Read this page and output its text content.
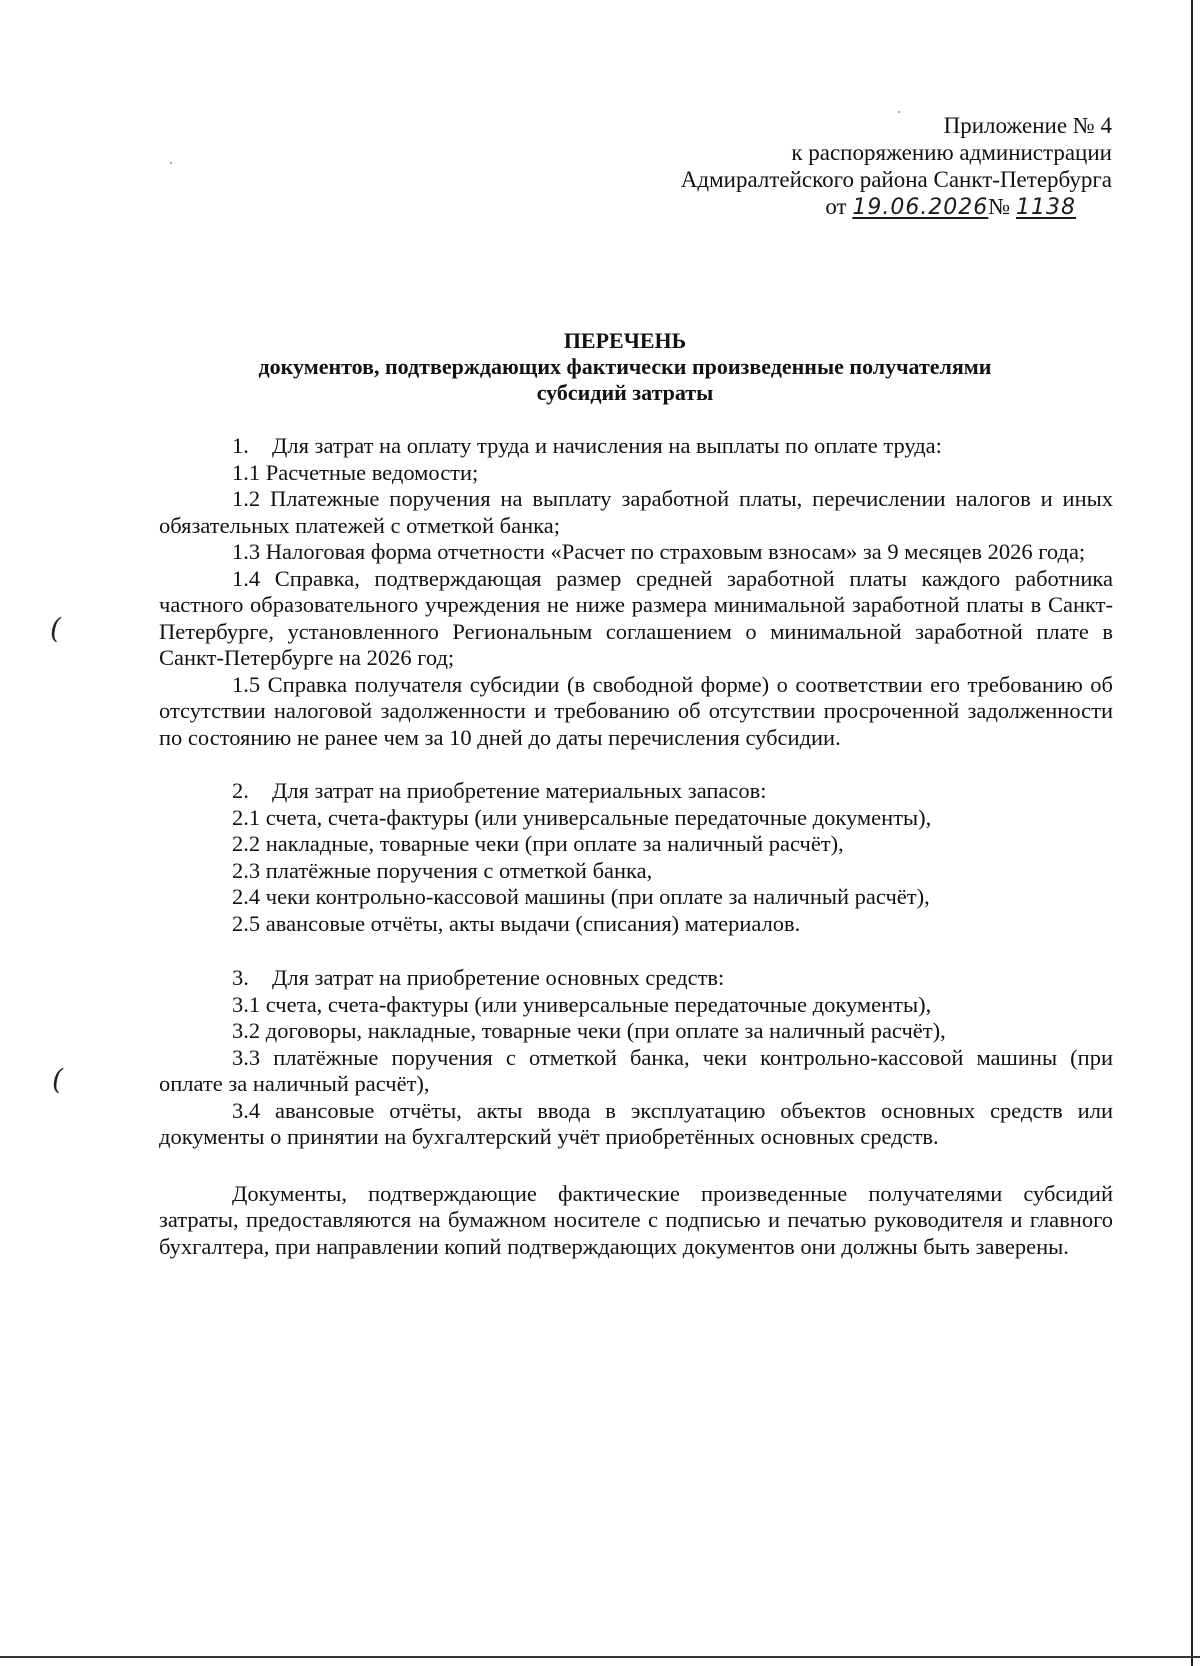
(
(
Приложение № 4
к распоряжению администрации
Адмиралтейского района Санкт-Петербурга
от 19.06.2026№ 1138
ПЕРЕЧЕНЬ
документов, подтверждающих фактически произведенные получателями
субсидий затраты

1. Для затрат на оплату труда и начисления на выплаты по оплате труда:

1.1 Расчетные ведомости;

1.2 Платежные поручения на выплату заработной платы, перечислении налогов и иных обязательных платежей с отметкой банка;

1.3 Налоговая форма отчетности «Расчет по страховым взносам» за 9 месяцев 2026 года;

1.4 Справка, подтверждающая размер средней заработной платы каждого работника частного образовательного учреждения не ниже размера минимальной заработной платы в Санкт-Петербурге, установленного Региональным соглашением о минимальной заработной плате в Санкт-Петербурге на 2026 год;

1.5 Справка получателя субсидии (в свободной форме) о соответствии его требованию об отсутствии налоговой задолженности и требованию об отсутствии просроченной задолженности по состоянию не ранее чем за 10 дней до даты перечисления субсидии.

2. Для затрат на приобретение материальных запасов:

2.1 счета, счета-фактуры (или универсальные передаточные документы),

2.2 накладные, товарные чеки (при оплате за наличный расчёт),

2.3 платёжные поручения с отметкой банка,

2.4 чеки контрольно-кассовой машины (при оплате за наличный расчёт),

2.5 авансовые отчёты, акты выдачи (списания) материалов.

3. Для затрат на приобретение основных средств:

3.1 счета, счета-фактуры (или универсальные передаточные документы),

3.2 договоры, накладные, товарные чеки (при оплате за наличный расчёт),

3.3 платёжные поручения с отметкой банка, чеки контрольно-кассовой машины (при оплате за наличный расчёт),

3.4 авансовые отчёты, акты ввода в эксплуатацию объектов основных средств или документы о принятии на бухгалтерский учёт приобретённых основных средств.

Документы, подтверждающие фактические произведенные получателями субсидий затраты, предоставляются на бумажном носителе с подписью и печатью руководителя и главного бухгалтера, при направлении копий подтверждающих документов они должны быть заверены.
